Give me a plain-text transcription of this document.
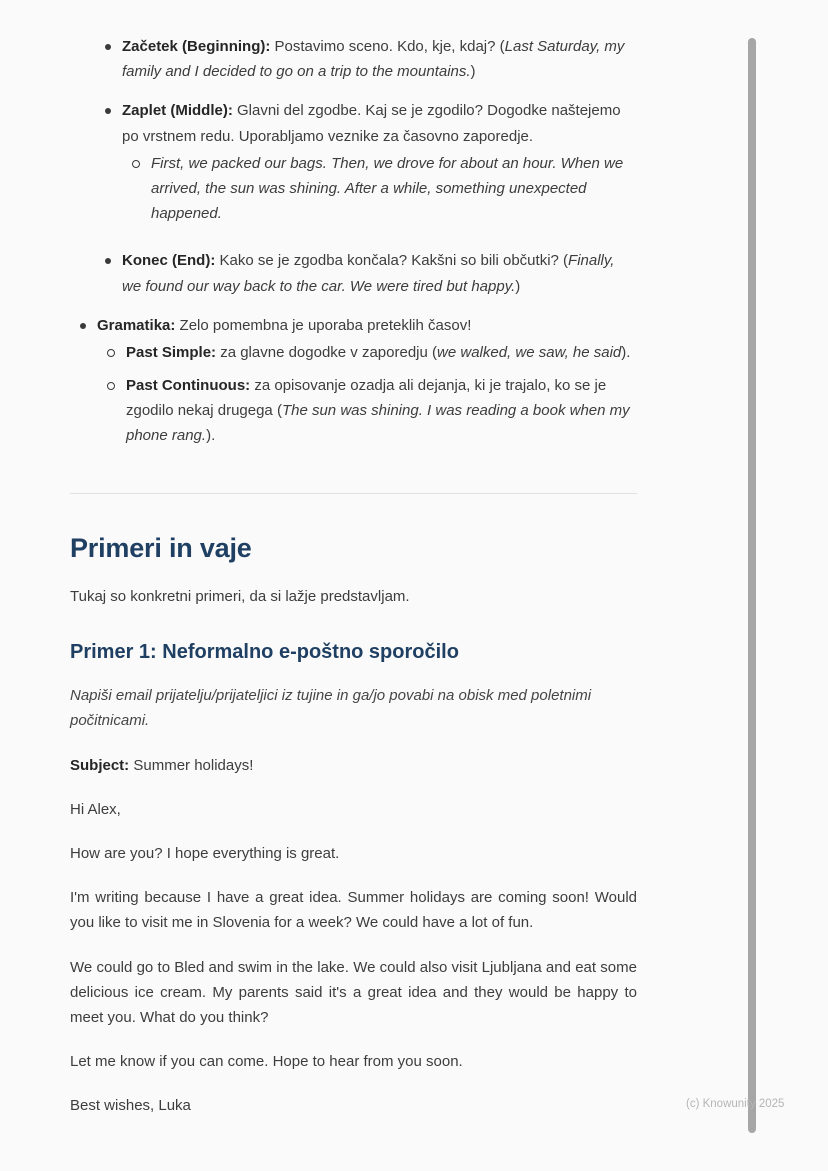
Začetek (Beginning): Postavimo sceno. Kdo, kje, kdaj? (Last Saturday, my family and I decided to go on a trip to the mountains.)
Zaplet (Middle): Glavni del zgodbe. Kaj se je zgodilo? Dogodke naštejemo po vrstnem redu. Uporabljamo veznike za časovno zaporedje.
First, we packed our bags. Then, we drove for about an hour. When we arrived, the sun was shining. After a while, something unexpected happened.
Konec (End): Kako se je zgodba končala? Kakšni so bili občutki? (Finally, we found our way back to the car. We were tired but happy.)
Gramatika: Zelo pomembna je uporaba preteklih časov!
Past Simple: za glavne dogodke v zaporedju (we walked, we saw, he said).
Past Continuous: za opisovanje ozadja ali dejanja, ki je trajalo, ko se je zgodilo nekaj drugega (The sun was shining. I was reading a book when my phone rang.).
Primeri in vaje

Tukaj so konkretni primeri, da si lažje predstavljam.

Primer 1: Neformalno e-poštno sporočilo

Napiši email prijatelju/prijateljici iz tujine in ga/jo povabi na obisk med poletnimi počitnicami.

Subject: Summer holidays!

Hi Alex,

How are you? I hope everything is great.

I'm writing because I have a great idea. Summer holidays are coming soon! Would you like to visit me in Slovenia for a week? We could have a lot of fun.

We could go to Bled and swim in the lake. We could also visit Ljubljana and eat some delicious ice cream. My parents said it's a great idea and they would be happy to meet you. What do you think?

Let me know if you can come. Hope to hear from you soon.

Best wishes, Luka	(c) Knowunity 2025
